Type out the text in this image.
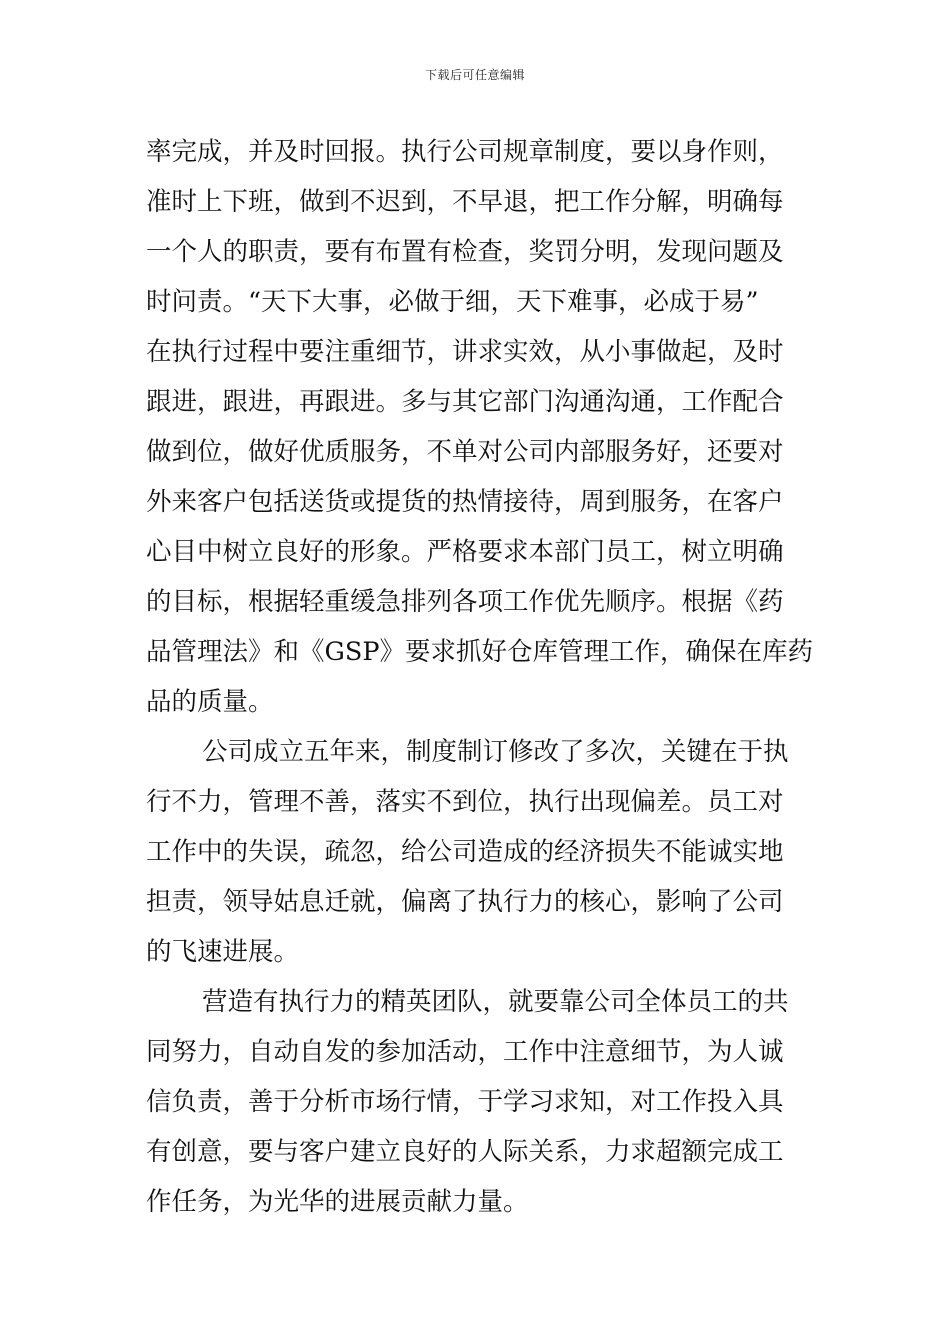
下载后可任意编辑
率完成，并及时回报。执行公司规章制度，要以身作则，
准时上下班，做到不迟到，不早退，把工作分解，明确每
一个人的职责，要有布置有检查，奖罚分明，发现问题及
时问责。“天下大事，必做于细，天下难事，必成于易”
在执行过程中要注重细节，讲求实效，从小事做起，及时
跟进，跟进，再跟进。多与其它部门沟通沟通，工作配合
做到位，做好优质服务，不单对公司内部服务好，还要对
外来客户包括送货或提货的热情接待，周到服务，在客户
心目中树立良好的形象。严格要求本部门员工，树立明确
的目标，根据轻重缓急排列各项工作优先顺序。根据《药
品管理法》和《GSP》要求抓好仓库管理工作，确保在库药
品的质量。
公司成立五年来，制度制订修改了多次，关键在于执
行不力，管理不善，落实不到位，执行出现偏差。员工对
工作中的失误，疏忽，给公司造成的经济损失不能诚实地
担责，领导姑息迁就，偏离了执行力的核心，影响了公司
的飞速进展。
营造有执行力的精英团队，就要靠公司全体员工的共
同努力，自动自发的参加活动，工作中注意细节，为人诚
信负责，善于分析市场行情，于学习求知，对工作投入具
有创意，要与客户建立良好的人际关系，力求超额完成工
作任务，为光华的进展贡献力量。
